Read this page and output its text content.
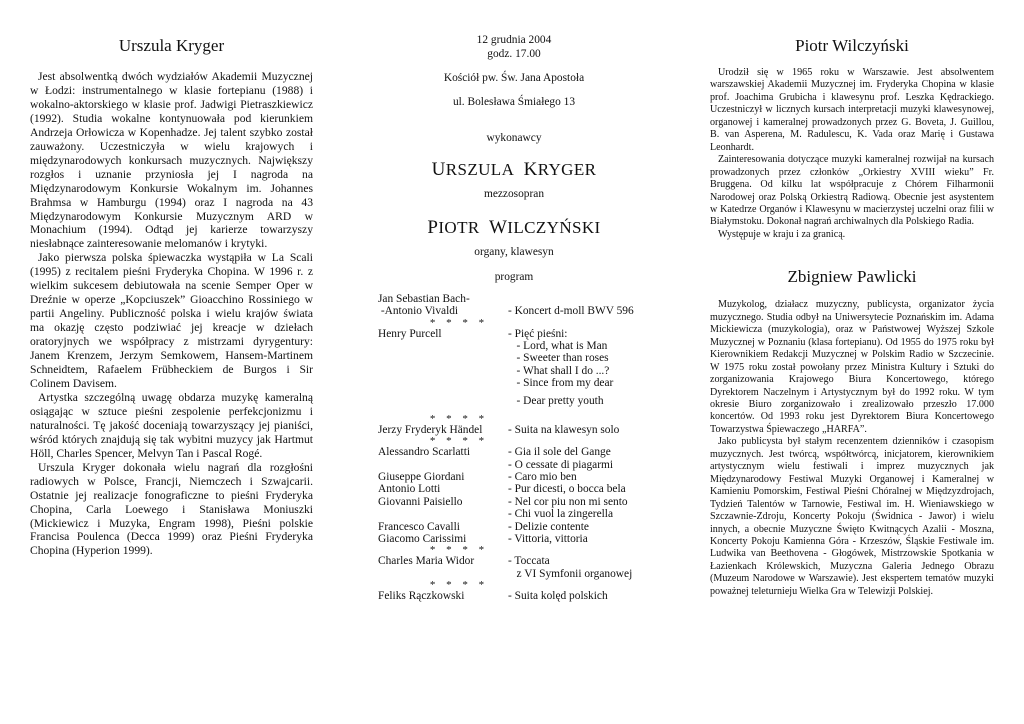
Urszula Kryger

Jest absolwentką dwóch wydziałów Akademii Muzycznej w Łodzi: instrumentalnego w klasie fortepianu (1988) i wokalno-aktorskiego w klasie prof. Jadwigi Pietraszkiewicz (1992). Studia wokalne kontynuowała pod kierunkiem Andrzeja Orłowicza w Kopenhadze. Jej talent szybko został zauważony. Uczestniczyła w wielu krajowych i międzynarodowych konkursach muzycznych. Największy rozgłos i uznanie przyniosła jej I nagroda na Międzynarodowym Konkursie Wokalnym im. Johannes Brahmsa w Hamburgu (1994) oraz I nagroda na 43 Międzynarodowym Konkursie Muzycznym ARD w Monachium (1994). Odtąd jej karierze towarzyszy niesłabnące zainteresowanie melomanów i krytyki.

Jako pierwsza polska śpiewaczka wystąpiła w La Scali (1995) z recitalem pieśni Fryderyka Chopina. W 1996 r. z wielkim sukcesem debiutowała na scenie Semper Oper w Dreźnie w operze „Kopciuszek” Gioacchino Rossiniego w partii Angeliny. Publiczność polska i wielu krajów świata ma okazję często podziwiać jej kreacje w dziełach oratoryjnych we współpracy z mistrzami dyrygentury: Janem Krenzem, Jerzym Semkowem, Hansem-Martinem Schneidtem, Rafaelem Frübheckiem de Burgos i Sir Colinem Davisem.

Artystka szczególną uwagę obdarza muzykę kameralną osiągając w sztuce pieśni zespolenie perfekcjonizmu i naturalności. Tę jakość doceniają towarzyszący jej pianiści, wśród których znajdują się tak wybitni muzycy jak Hartmut Höll, Charles Spencer, Melvyn Tan i Pascal Rogé.

Urszula Kryger dokonała wielu nagrań dla rozgłośni radiowych w Polsce, Francji, Niemczech i Szwajcarii. Ostatnie jej realizacje fonograficzne to pieśni Fryderyka Chopina, Carla Loewego i Stanisława Moniuszki (Mickiewicz i Muzyka, Engram 1998), Pieśni polskie Francisa Poulenca (Decca 1999) oraz Pieśni Fryderyka Chopina (Hyperion 1999).

12 grudnia 2004
godz. 17.00
Kościół pw. Św. Jana Apostoła
ul. Bolesława Śmiałego 13
wykonawcy
URSZULA KRYGER
mezzosopran
PIOTR WILCZYŃSKI
organy, klawesyn
program
Jan Sebastian Bach-
-Antonio Vivaldi	- Koncert d-moll BWV 596
* * * *
Henry Purcell	- Pięć pieśni:
- Lord, what is Man
- Sweeter than roses
- What shall I do ...?
- Since from my dear
- Dear pretty youth
* * * *
Jerzy Fryderyk Händel - Suita na klawesyn solo
* * * *
Alessandro Scarlatti	- Gia il sole del Gange
- O cessate di piagarmi
Giuseppe Giordani	- Caro mio ben
Antonio Lotti	- Pur dicesti, o bocca bela
Giovanni Paisiello	- Nel cor piu non mi sento
- Chi vuol la zingerella
Francesco Cavalli	- Delizie contente
Giacomo Carissimi	- Vittoria, vittoria
* * * *
Charles Maria Widor	- Toccata
z VI Symfonii organowej
* * * *
Feliks Rączkowski	- Suita kolęd polskich
Piotr Wilczyński

Urodził się w 1965 roku w Warszawie. Jest absolwentem warszawskiej Akademii Muzycznej im. Fryderyka Chopina w klasie prof. Joachima Grubicha i klawesynu prof. Leszka Kędrackiego. Uczestniczył w licznych kursach interpretacji muzyki klawesynowej, organowej i kameralnej prowadzonych przez G. Boveta, J. Guillou, B. van Asperena, M. Radulescu, K. Vada oraz Marię i Gustawa Leonhardt.

Zainteresowania dotyczące muzyki kameralnej rozwijał na kursach prowadzonych przez członków „Orkiestry XVIII wieku” Fr. Bruggena. Od kilku lat współpracuje z Chórem Filharmonii Narodowej oraz Polską Orkiestrą Radiową. Obecnie jest asystentem w Katedrze Organów i Klawesynu w macierzystej uczelni oraz filii w Białymstoku. Dokonał nagrań archiwalnych dla Polskiego Radia.

Występuje w kraju i za granicą.

Zbigniew Pawlicki

Muzykolog, działacz muzyczny, publicysta, organizator życia muzycznego. Studia odbył na Uniwersytecie Poznańskim im. Adama Mickiewicza (muzykologia), oraz w Państwowej Wyższej Szkole Muzycznej w Poznaniu (klasa fortepianu). Od 1955 do 1975 roku był Kierownikiem Redakcji Muzycznej w Polskim Radio w Szczecinie. W 1975 roku został powołany przez Ministra Kultury i Sztuki do zorganizowania Krajowego Biura Koncertowego, którego Dyrektorem Naczelnym i Artystycznym był do 1992 roku. W tym okresie Biuro zorganizowało i zrealizowało przeszło 17.000 koncertów. Od 1993 roku jest Dyrektorem Biura Koncertowego Towarzystwa Śpiewaczego „HARFA”.

Jako publicysta był stałym recenzentem dzienników i czasopism muzycznych. Jest twórcą, współtwórcą, inicjatorem, kierownikiem artystycznym wielu festiwali i imprez muzycznych jak Międzynarodowy Festiwal Muzyki Organowej i Kameralnej w Kamieniu Pomorskim, Festiwal Pieśni Chóralnej w Międzyzdrojach, Tydzień Talentów w Tarnowie, Festiwal im. H. Wieniawskiego w Szczawnie-Zdroju, Koncerty Pokoju (Świdnica - Jawor) i wielu innych, a obecnie Muzyczne Święto Kwitnących Azalii - Moszna, Koncerty Pokoju Kamienna Góra - Krzeszów, Śląskie Festiwale im. Ludwika van Beethovena - Głogówek, Mistrzowskie Spotkania w Łazienkach Królewskich, Muzyczna Galeria Jednego Obrazu (Muzeum Narodowe w Warszawie). Jest ekspertem tematów muzyki poważnej teleturnieju Wielka Gra w Telewizji Polskiej.
